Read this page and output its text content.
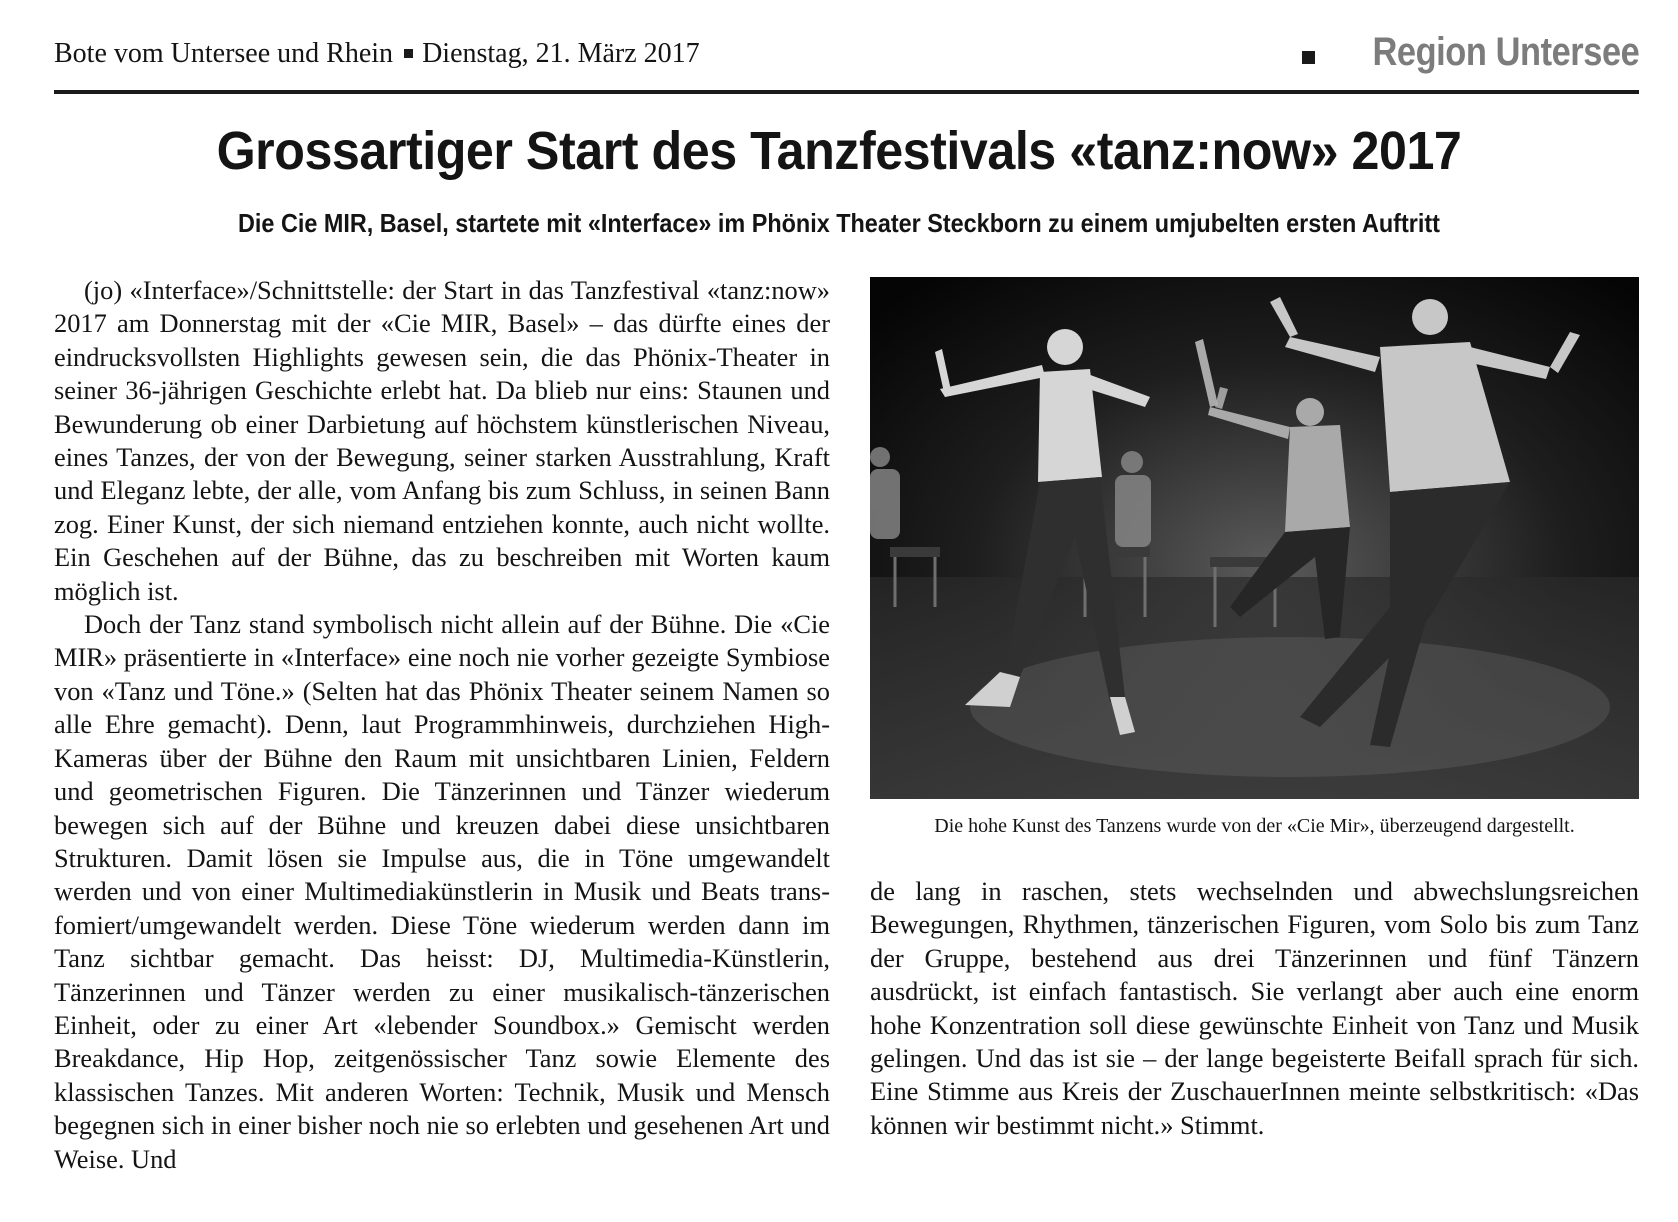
Bote vom Untersee und Rhein Dienstag, 21. März 2017	Region Untersee
Grossartiger Start des Tanzfestivals «tanz:now» 2017
Die Cie MIR, Basel, startete mit «Interface» im Phönix Theater Steckborn zu einem umjubelten ersten Auftritt

(jo) «Interface»/Schnittstelle: der Start in das Tanzfestival «tanz:now» 2017 am Donnerstag mit der «Cie MIR, Basel» – das dürfte eines der eindrucksvollsten Highlights gewesen sein, die das Phönix-Theater in seiner 36-jährigen Geschichte erlebt hat. Da blieb nur eins: Staunen und Bewunderung ob einer Darbietung auf höchstem künstlerischen Niveau, eines Tanzes, der von der Bewegung, seiner starken Ausstrahlung, Kraft und Eleganz lebte, der alle, vom Anfang bis zum Schluss, in seinen Bann zog. Einer Kunst, der sich niemand entziehen konnte, auch nicht wollte. Ein Geschehen auf der Bühne, das zu beschreiben mit Worten kaum möglich ist.

Doch der Tanz stand symbolisch nicht allein auf der Bühne. Die «Cie MIR» präsentierte in «Interface» eine noch nie vorher gezeigte Symbiose von «Tanz und Töne.» (Selten hat das Phönix Theater seinem Namen so alle Ehre gemacht). Denn, laut Programmhinweis, durchziehen High-Kameras über der Bühne den Raum mit unsichtbaren Linien, Feldern und geometrischen Figuren. Die Tänzerinnen und Tänzer wiederum bewegen sich auf der Bühne und kreuzen dabei diese unsichtbaren Strukturen. Damit lösen sie Impulse aus, die in Töne umgewandelt werden und von einer Multimediakünstlerin in Musik und Beats transfomiert/umgewandelt werden. Diese Töne wiederum werden dann im Tanz sichtbar gemacht. Das heisst: DJ, Multimedia-Künstlerin, Tänzerinnen und Tänzer werden zu einer musikalisch-tänzerischen Einheit, oder zu einer Art «lebender Soundbox.» Gemischt werden Breakdance, Hip Hop, zeitgenössischer Tanz sowie Elemente des klassischen Tanzes. Mit anderen Worten: Technik, Musik und Mensch begegnen sich in einer bisher noch nie so erlebten und gesehenen Art und Weise. Und

Die hohe Kunst des Tanzens wurde von der «Cie Mir», überzeugend dargestellt.

de lang in raschen, stets wechselnden und abwechslungsreichen Bewegungen, Rhythmen, tänzerischen Figuren, vom Solo bis zum Tanz der Gruppe, bestehend aus drei Tänzerinnen und fünf Tänzern ausdrückt, ist einfach fantastisch. Sie verlangt aber auch eine enorm hohe Konzentration soll diese gewünschte Einheit von Tanz und Musik gelingen. Und das ist sie – der lange begeisterte Beifall sprach für sich. Eine Stimme aus Kreis der ZuschauerInnen meinte selbstkritisch: «Das können wir bestimmt nicht.» Stimmt.
